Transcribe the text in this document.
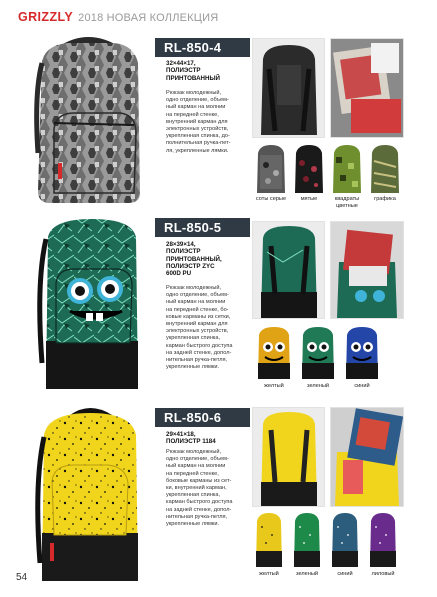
GRIZZLY 2018 НОВАЯ КОЛЛЕКЦИЯ
RL-850-4
32×44×17,
ПОЛИЭСТР
ПРИНТОВАННЫЙ
Рюкзак молодежный,
одно отделение, объем-
ный карман на молнии
на передней стенке,
внутренний карман для
электронных устройств,
укрепленная спинка, до-
полнительная ручка-пет-
ля, укрепленные лямки.
соты серые	мятые	квадраты
цветные
графика
RL-850-5
28×39×14,
ПОЛИЭСТР
ПРИНТОВАННЫЙ,
ПОЛИЭСТР ZYC
600D PU
Рюкзак молодежный,
одно отделение, объем-
ный карман на молнии
на передней стенке, бо-
ковые карманы из сетки,
внутренний карман для
электронных устройств,
укрепленная спинка,
карман быстрого доступа
на задней стенке, допол-
нительная ручка-петля,
укрепленные лямки.
желтый	зеленый	синий
RL-850-6
29×41×18,
ПОЛИЭСТР 1184
Рюкзак молодежный,
одно отделение, объем-
ный карман на молнии
на передней стенке,
боковые карманы из сет-
ки, внутренний карман,
укрепленная спинка,
карман быстрого доступа
на задней стенке, допол-
нительная ручка-петля,
укрепленные лямки.
желтый	зеленый	синий	лиловый
54
